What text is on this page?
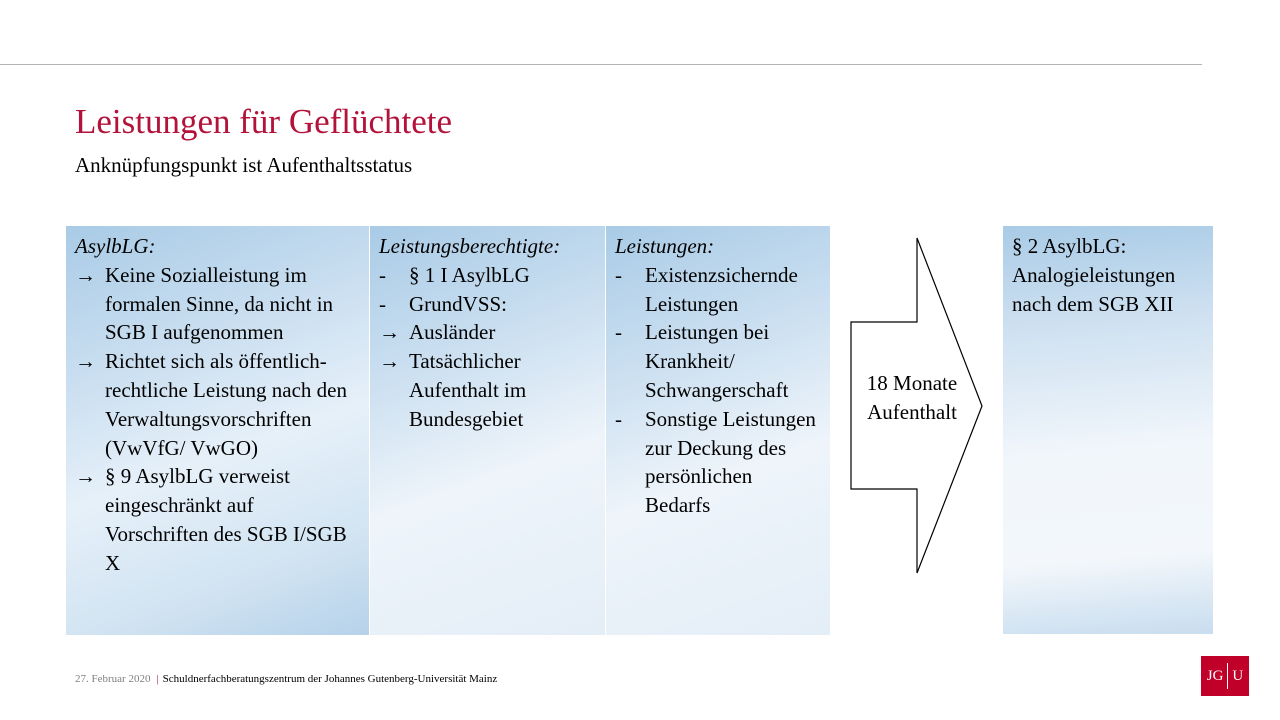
Leistungen für Geflüchtete
Anknüpfungspunkt ist Aufenthaltsstatus
AsylbLG:
→ Keine Sozialleistung im formalen Sinne, da nicht in SGB I aufgenommen
→ Richtet sich als öffentlich-rechtliche Leistung nach den Verwaltungsvorschriften (VwVfG/ VwGO)
→ § 9 AsylbLG verweist eingeschränkt auf Vorschriften des SGB I/SGB X
Leistungsberechtigte:
-	§ 1 I AsylbLG
-	GrundVSS:
→ Ausländer
→ Tatsächlicher Aufenthalt im Bundesgebiet
Leistungen:
-	Existenzsichernde Leistungen
-	Leistungen bei Krankheit/ Schwangerschaft
-	Sonstige Leistungen zur Deckung des persönlichen Bedarfs
18 Monate
Aufenthalt
§ 2 AsylbLG:
Analogieleistungen nach dem SGB XII
27. Februar 2020 | Schuldnerfachberatungszentrum der Johannes Gutenberg-Universität Mainz	JG U
